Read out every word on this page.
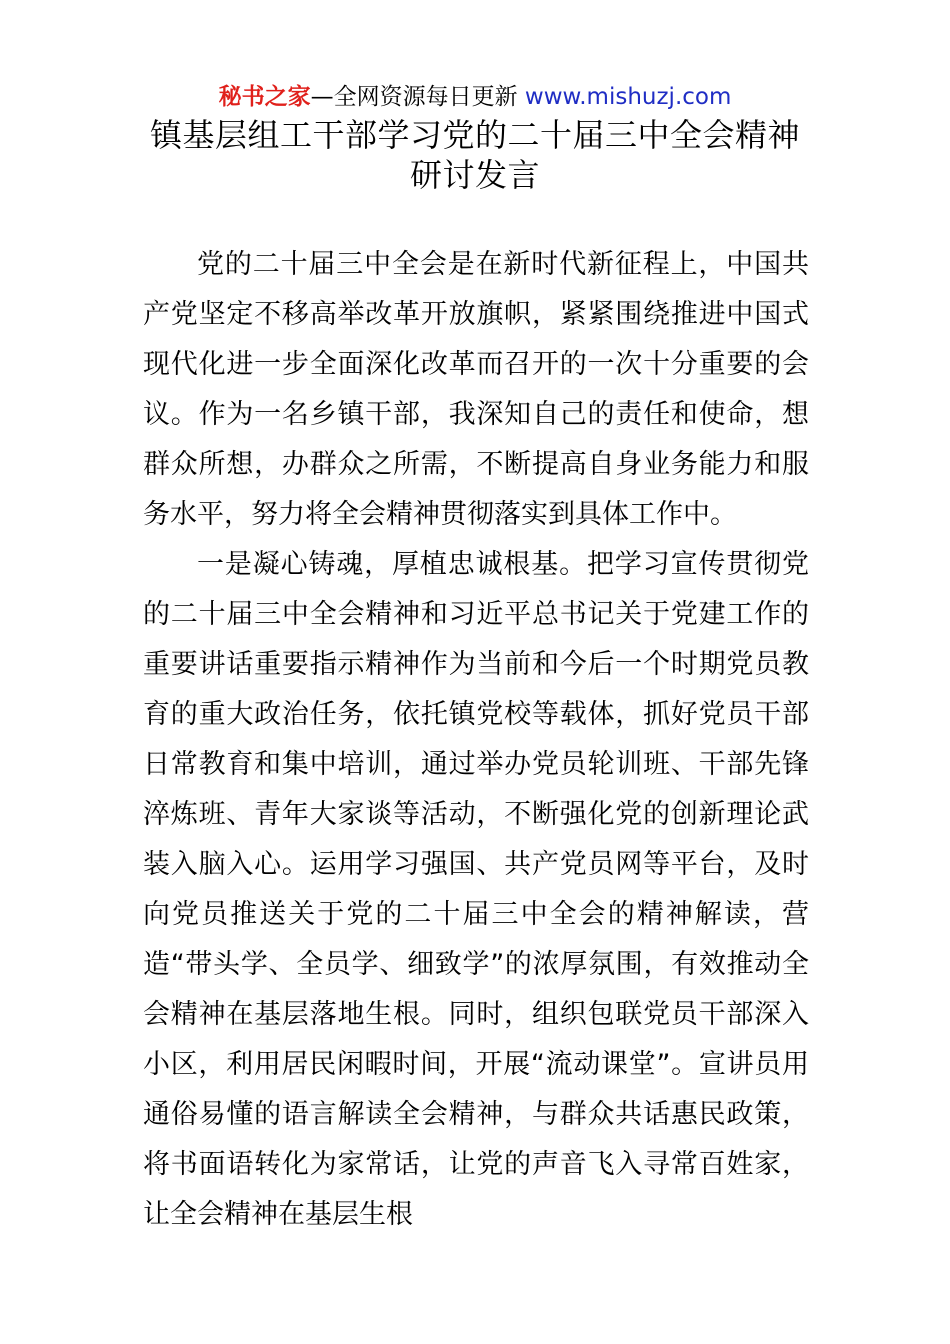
秘书之家—全网资源每日更新 www.mishuzj.com
镇基层组工干部学习党的二十届三中全会精神
研讨发言

党的二十届三中全会是在新时代新征程上，中国共产党坚定不移高举改革开放旗帜，紧紧围绕推进中国式现代化进一步全面深化改革而召开的一次十分重要的会议。作为一名乡镇干部，我深知自己的责任和使命，想群众所想，办群众之所需，不断提高自身业务能力和服务水平，努力将全会精神贯彻落实到具体工作中。

一是凝心铸魂，厚植忠诚根基。把学习宣传贯彻党的二十届三中全会精神和习近平总书记关于党建工作的重要讲话重要指示精神作为当前和今后一个时期党员教育的重大政治任务，依托镇党校等载体，抓好党员干部日常教育和集中培训，通过举办党员轮训班、干部先锋淬炼班、青年大家谈等活动，不断强化党的创新理论武装入脑入心。运用学习强国、共产党员网等平台，及时向党员推送关于党的二十届三中全会的精神解读，营造“带头学、全员学、细致学”的浓厚氛围，有效推动全会精神在基层落地生根。同时，组织包联党员干部深入小区，利用居民闲暇时间，开展“流动课堂”。宣讲员用通俗易懂的语言解读全会精神，与群众共话惠民政策，将书面语转化为家常话，让党的声音飞入寻常百姓家，让全会精神在基层生根
